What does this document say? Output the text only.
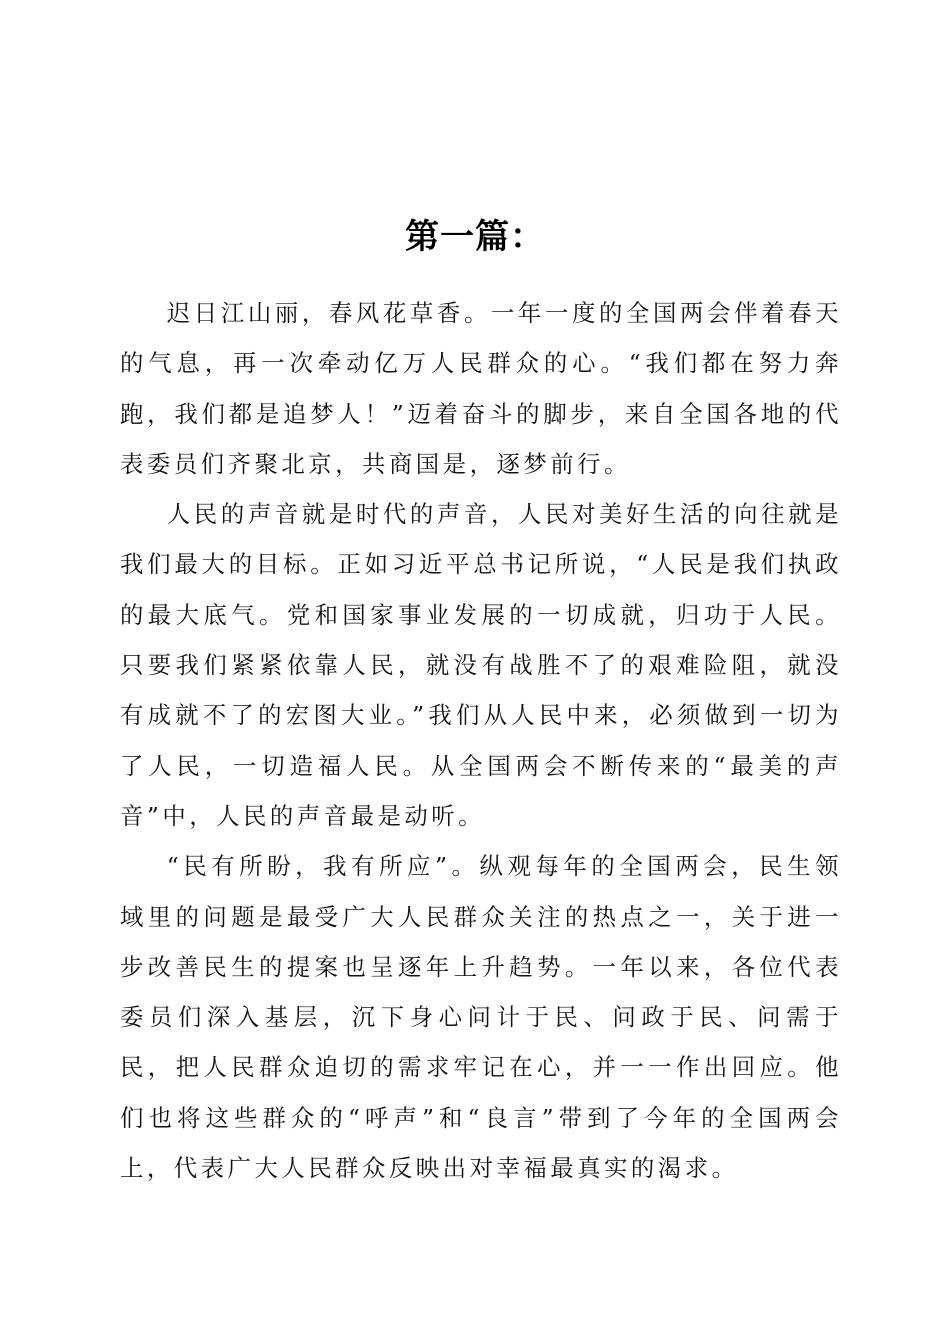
第一篇：

迟日江山丽，春风花草香。一年一度的全国两会伴着春天的气息，再一次牵动亿万人民群众的心。“我们都在努力奔跑，我们都是追梦人！”迈着奋斗的脚步，来自全国各地的代表委员们齐聚北京，共商国是，逐梦前行。

人民的声音就是时代的声音，人民对美好生活的向往就是我们最大的目标。正如习近平总书记所说，“人民是我们执政的最大底气。党和国家事业发展的一切成就，归功于人民。只要我们紧紧依靠人民，就没有战胜不了的艰难险阻，就没有成就不了的宏图大业。”我们从人民中来，必须做到一切为了人民，一切造福人民。从全国两会不断传来的“最美的声音”中，人民的声音最是动听。

“民有所盼，我有所应”。纵观每年的全国两会，民生领域里的问题是最受广大人民群众关注的热点之一，关于进一步改善民生的提案也呈逐年上升趋势。一年以来，各位代表委员们深入基层，沉下身心问计于民、问政于民、问需于民，把人民群众迫切的需求牢记在心，并一一作出回应。他们也将这些群众的“呼声”和“良言”带到了今年的全国两会上，代表广大人民群众反映出对幸福最真实的渴求。
